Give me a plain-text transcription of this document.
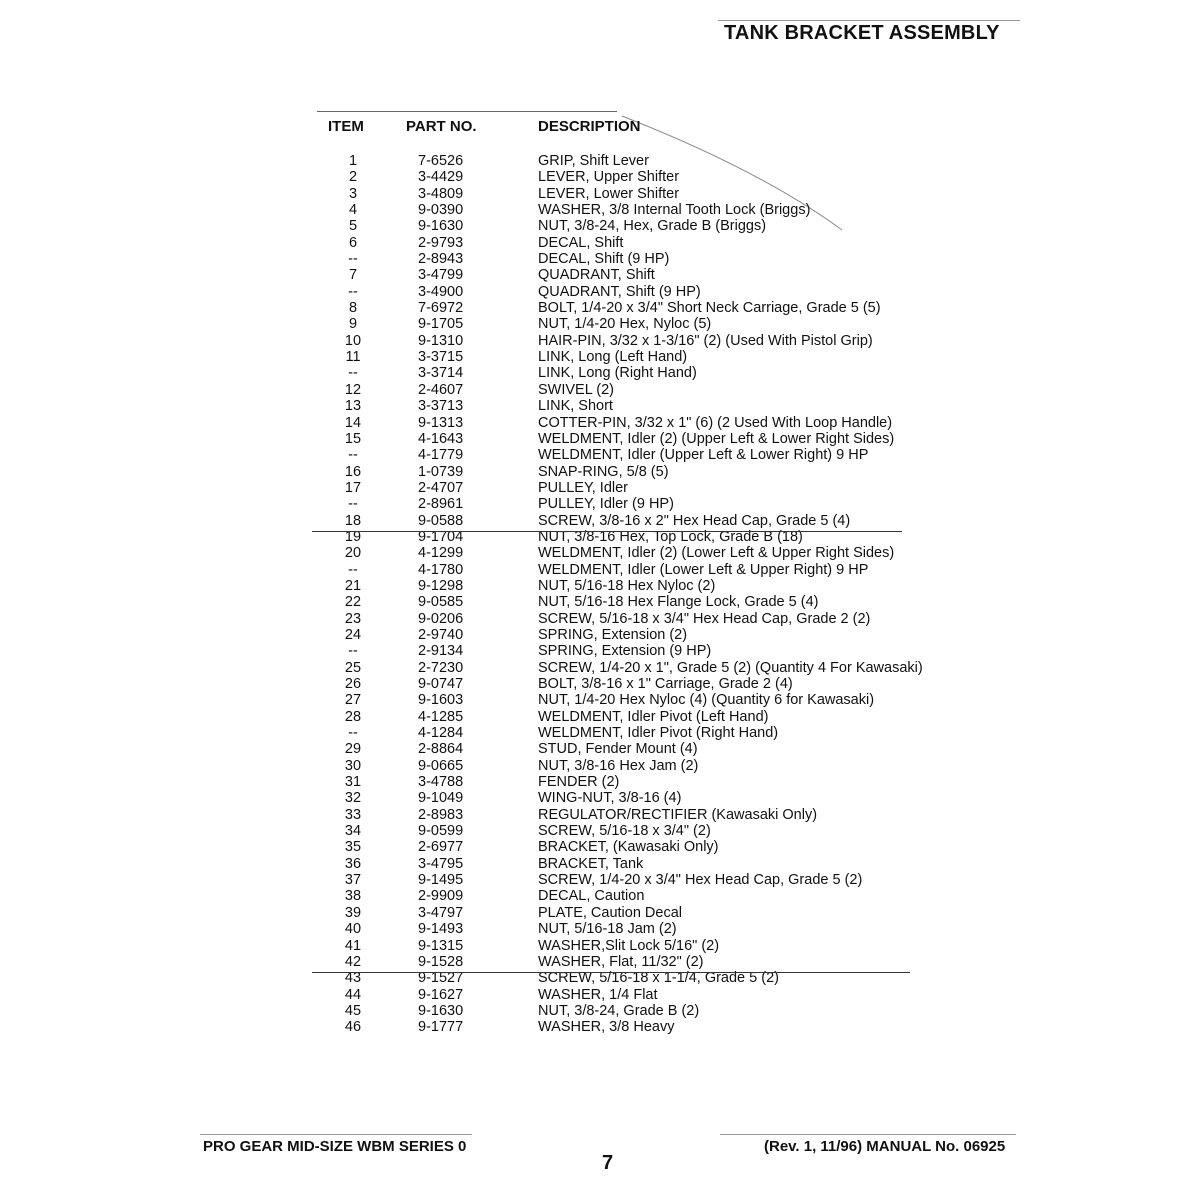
TANK BRACKET ASSEMBLY
ITEM	PART NO.	DESCRIPTION
1	7-6526	GRIP, Shift Lever
2	3-4429	LEVER, Upper Shifter
3	3-4809	LEVER, Lower Shifter
4	9-0390	WASHER, 3/8 Internal Tooth Lock (Briggs)
5	9-1630	NUT, 3/8-24, Hex, Grade B (Briggs)
6	2-9793	DECAL, Shift
--	2-8943	DECAL, Shift (9 HP)
7	3-4799	QUADRANT, Shift
--	3-4900	QUADRANT, Shift (9 HP)
8	7-6972	BOLT, 1/4-20 x 3/4" Short Neck Carriage, Grade 5 (5)
9	9-1705	NUT, 1/4-20 Hex, Nyloc (5)
10	9-1310	HAIR-PIN, 3/32 x 1-3/16" (2) (Used With Pistol Grip)
11	3-3715	LINK, Long (Left Hand)
--	3-3714	LINK, Long (Right Hand)
12	2-4607	SWIVEL (2)
13	3-3713	LINK, Short
14	9-1313	COTTER-PIN, 3/32 x 1" (6) (2 Used With Loop Handle)
15	4-1643	WELDMENT, Idler (2) (Upper Left & Lower Right Sides)
--	4-1779	WELDMENT, Idler (Upper Left & Lower Right) 9 HP
16	1-0739	SNAP-RING, 5/8 (5)
17	2-4707	PULLEY, Idler
--	2-8961	PULLEY, Idler (9 HP)
18	9-0588	SCREW, 3/8-16 x 2" Hex Head Cap, Grade 5 (4)
19	9-1704	NUT, 3/8-16 Hex, Top Lock, Grade B (18)
20	4-1299	WELDMENT, Idler (2) (Lower Left & Upper Right Sides)
--	4-1780	WELDMENT, Idler (Lower Left & Upper Right) 9 HP
21	9-1298	NUT, 5/16-18 Hex Nyloc (2)
22	9-0585	NUT, 5/16-18 Hex Flange Lock, Grade 5 (4)
23	9-0206	SCREW, 5/16-18 x 3/4" Hex Head Cap, Grade 2 (2)
24	2-9740	SPRING, Extension (2)
--	2-9134	SPRING, Extension (9 HP)
25	2-7230	SCREW, 1/4-20 x 1", Grade 5 (2) (Quantity 4 For Kawasaki)
26	9-0747	BOLT, 3/8-16 x 1" Carriage, Grade 2 (4)
27	9-1603	NUT, 1/4-20 Hex Nyloc (4) (Quantity 6 for Kawasaki)
28	4-1285	WELDMENT, Idler Pivot (Left Hand)
--	4-1284	WELDMENT, Idler Pivot (Right Hand)
29	2-8864	STUD, Fender Mount (4)
30	9-0665	NUT, 3/8-16 Hex Jam (2)
31	3-4788	FENDER (2)
32	9-1049	WING-NUT, 3/8-16 (4)
33	2-8983	REGULATOR/RECTIFIER (Kawasaki Only)
34	9-0599	SCREW, 5/16-18 x 3/4" (2)
35	2-6977	BRACKET, (Kawasaki Only)
36	3-4795	BRACKET, Tank
37	9-1495	SCREW, 1/4-20 x 3/4" Hex Head Cap, Grade 5 (2)
38	2-9909	DECAL, Caution
39	3-4797	PLATE, Caution Decal
40	9-1493	NUT, 5/16-18 Jam (2)
41	9-1315	WASHER,Slit Lock 5/16" (2)
42	9-1528	WASHER, Flat, 11/32" (2)
43	9-1527	SCREW, 5/16-18 x 1-1/4, Grade 5 (2)
44	9-1627	WASHER, 1/4 Flat
45	9-1630	NUT, 3/8-24, Grade B (2)
46	9-1777	WASHER, 3/8 Heavy
PRO GEAR MID-SIZE WBM SERIES 0
7
(Rev. 1, 11/96) MANUAL No. 06925
